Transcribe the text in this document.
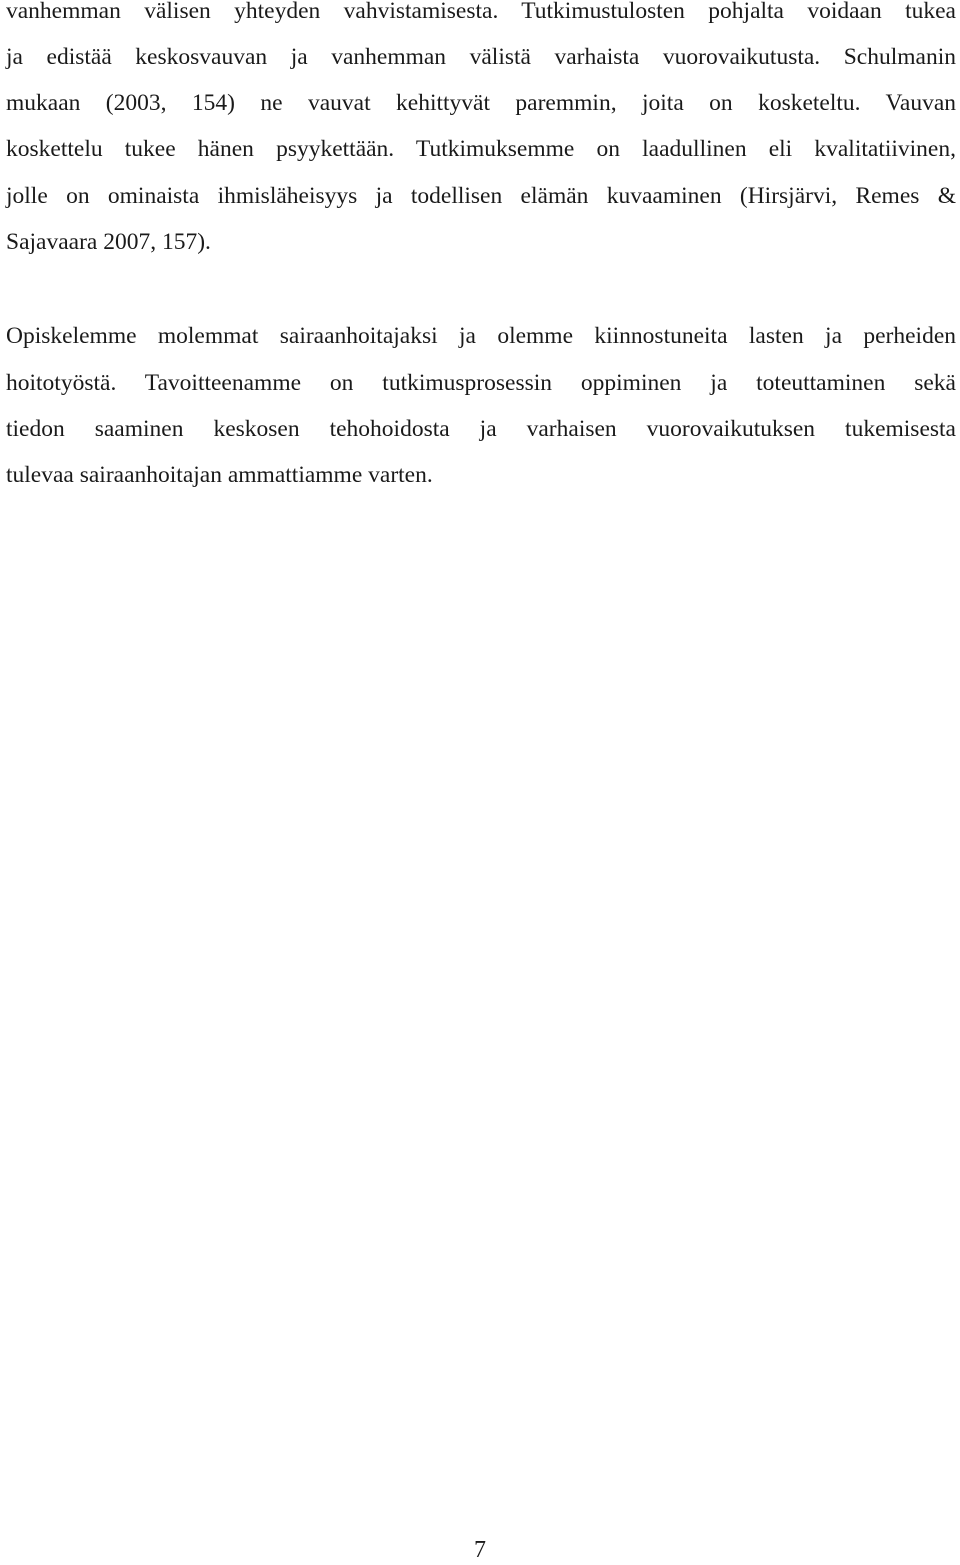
vanhemman välisen yhteyden vahvistamisesta. Tutkimustulosten pohjalta voidaan tukea

ja edistää keskosvauvan ja vanhemman välistä varhaista vuorovaikutusta. Schulmanin

mukaan (2003, 154) ne vauvat kehittyvät paremmin, joita on kosketeltu. Vauvan

koskettelu tukee hänen psyykettään. Tutkimuksemme on laadullinen eli kvalitatiivinen,

jolle on ominaista ihmisläheisyys ja todellisen elämän kuvaaminen (Hirsjärvi, Remes &

Sajavaara 2007, 157).

Opiskelemme molemmat sairaanhoitajaksi ja olemme kiinnostuneita lasten ja perheiden

hoitotyöstä. Tavoitteenamme on tutkimusprosessin oppiminen ja toteuttaminen sekä

tiedon saaminen keskosen tehohoidosta ja varhaisen vuorovaikutuksen tukemisesta

tulevaa sairaanhoitajan ammattiamme varten.

7
